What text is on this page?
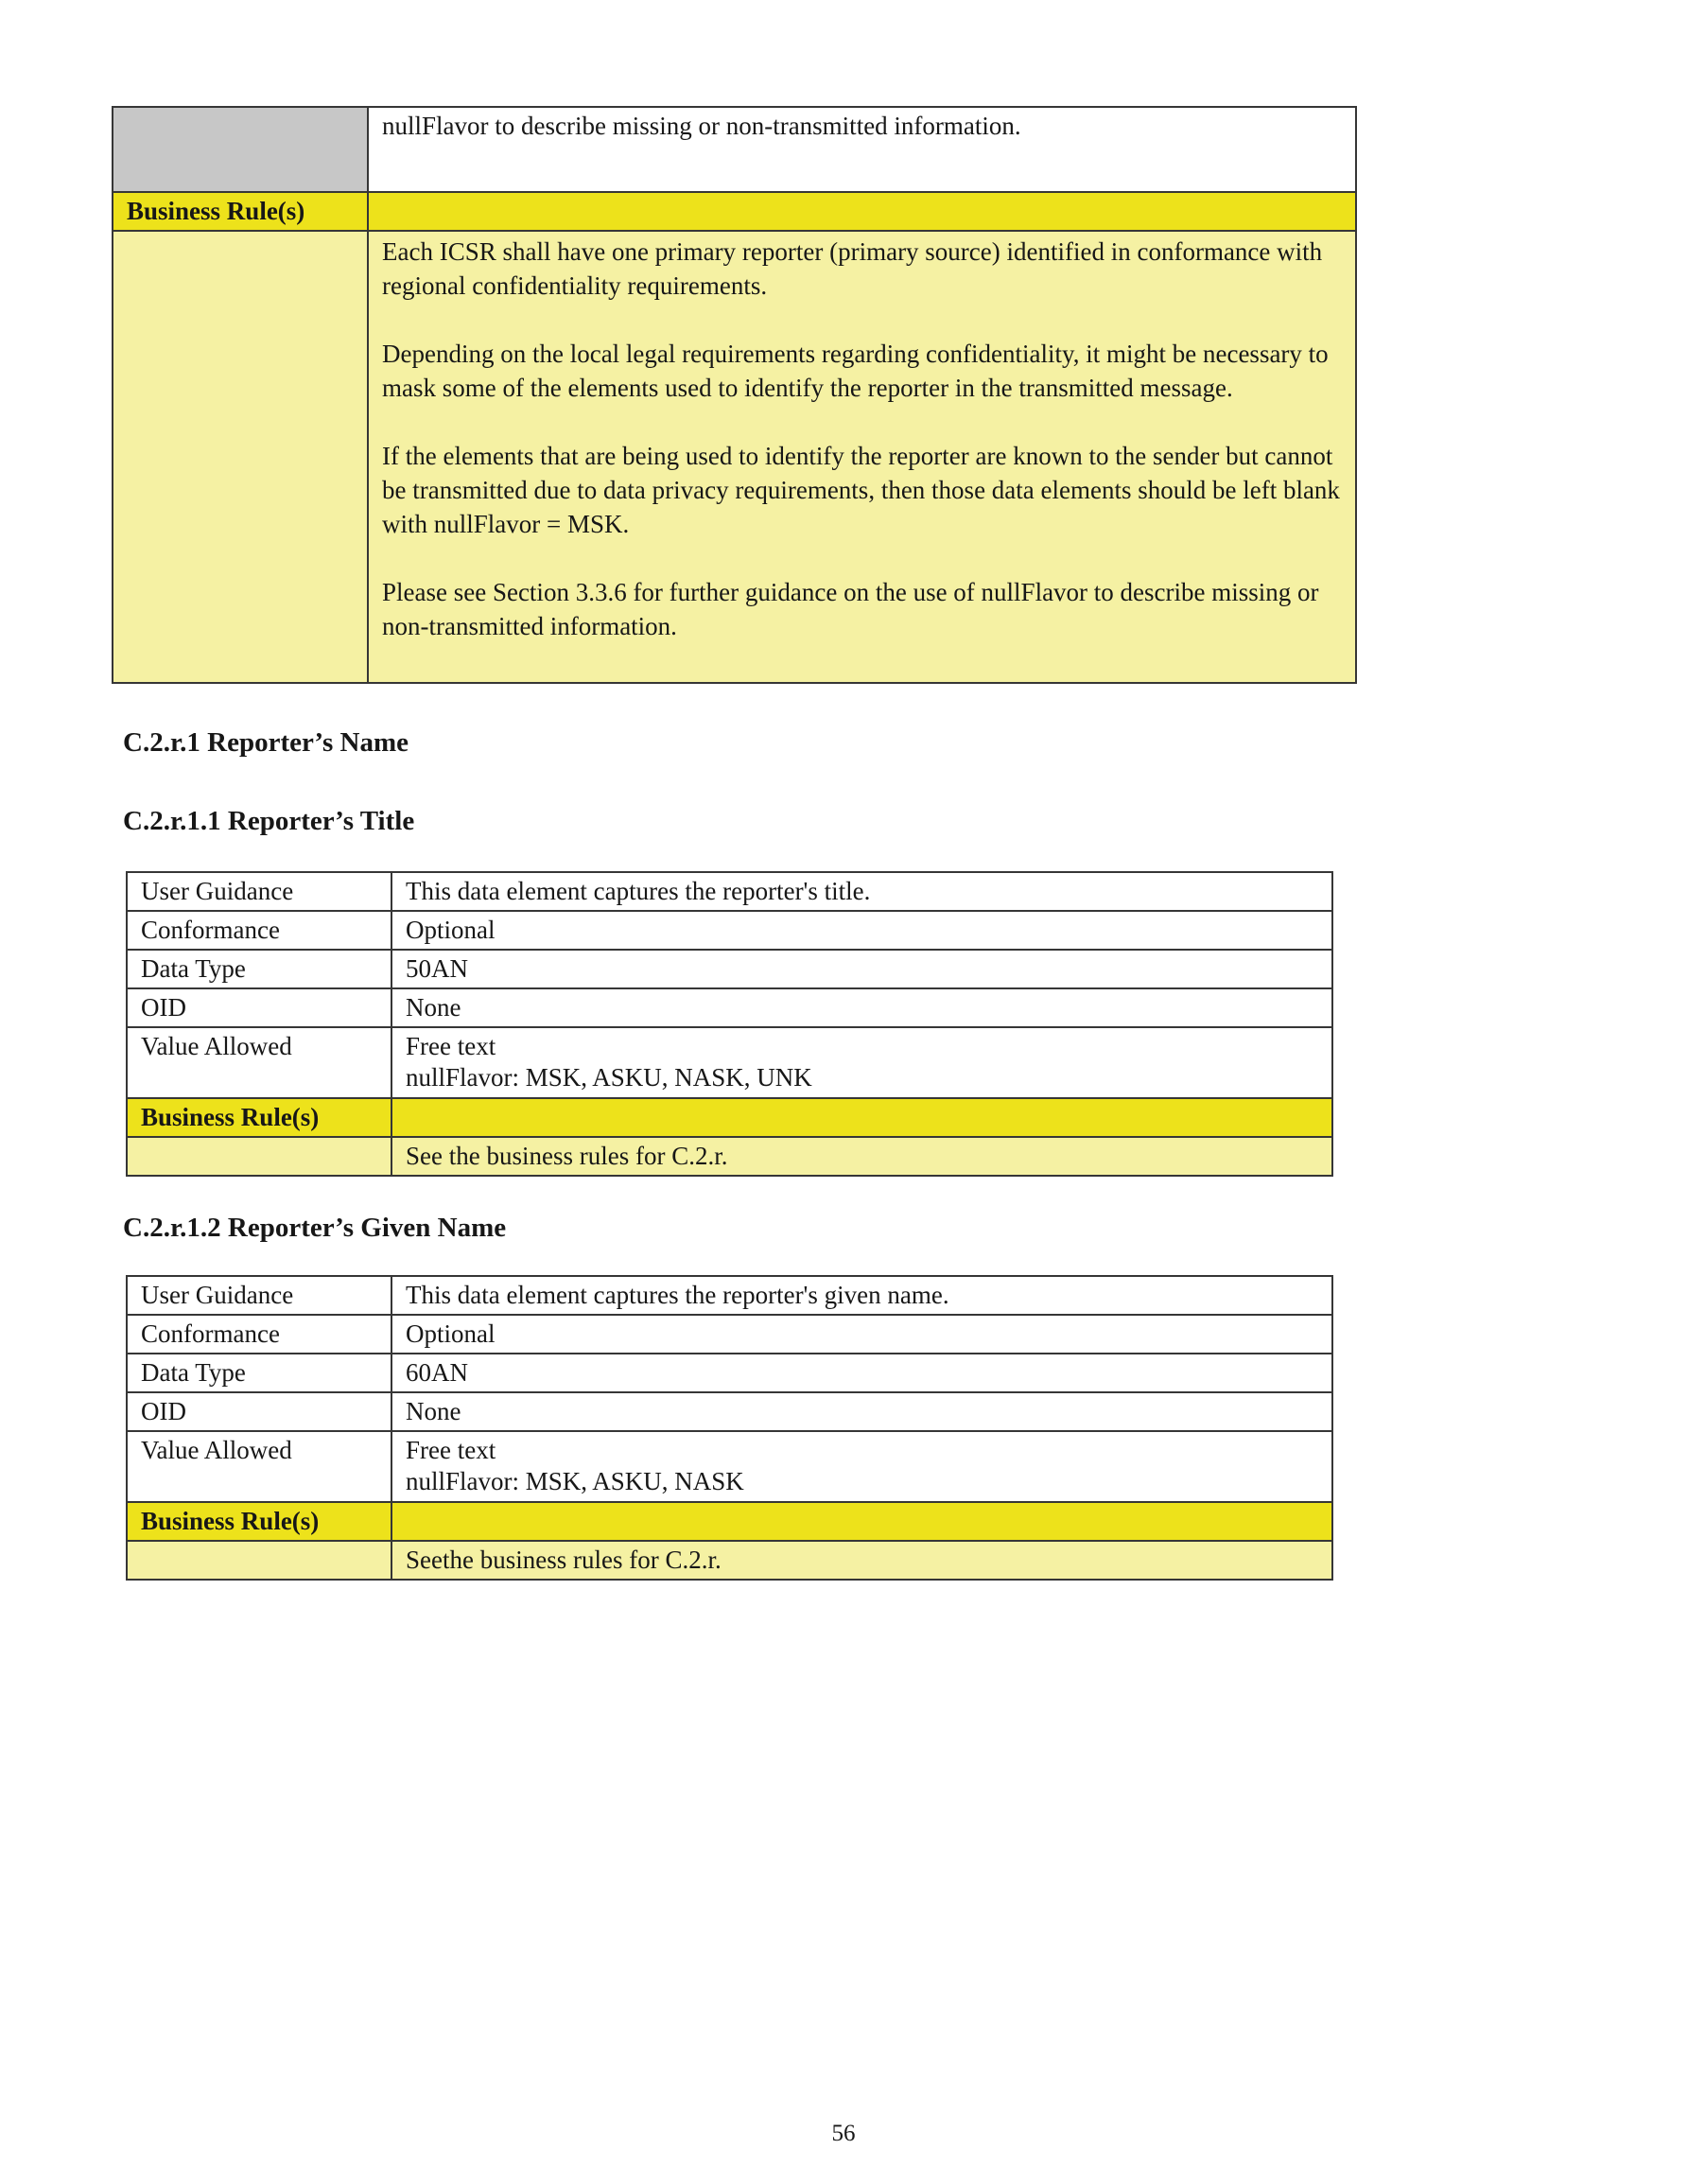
	nullFlavor to describe missing or non-transmitted information.
Business Rule(s)	

	Each ICSR shall have one primary reporter (primary source) identified in conformance with regional confidentiality requirements.

Depending on the local legal requirements regarding confidentiality, it might be necessary to mask some of the elements used to identify the reporter in the transmitted message.

If the elements that are being used to identify the reporter are known to the sender but cannot be transmitted due to data privacy requirements, then those data elements should be left blank with nullFlavor = MSK.

Please see Section 3.3.6 for further guidance on the use of nullFlavor to describe missing or non-transmitted information.

C.2.r.1 Reporter’s Name
C.2.r.1.1 Reporter’s Title
User Guidance	This data element captures the reporter's title.
Conformance	Optional
Data Type	50AN
OID	None
Value Allowed	Free text
nullFlavor: MSK, ASKU, NASK, UNK

Business Rule(s)	
	See the business rules for C.2.r.
C.2.r.1.2 Reporter’s Given Name
User Guidance	This data element captures the reporter's given name.
Conformance	Optional
Data Type	60AN
OID	None
Value Allowed	Free text
nullFlavor: MSK, ASKU, NASK

Business Rule(s)	
	Seethe business rules for C.2.r.
56
